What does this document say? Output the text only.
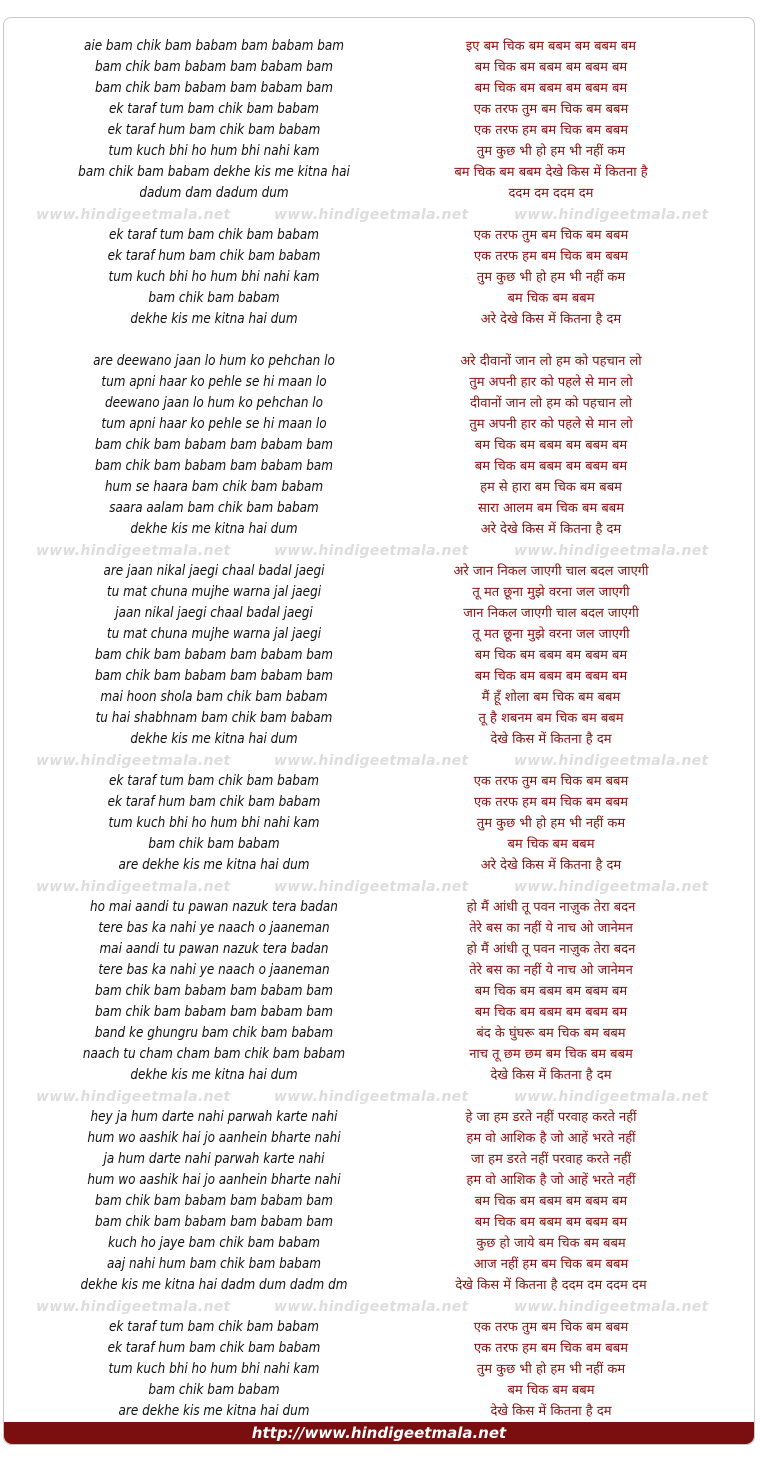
aie bam chik bam babam bam babam bam	इए बम चिक बम बबम बम बबम बम
bam chik bam babam bam babam bam	बम चिक बम बबम बम बबम बम
bam chik bam babam bam babam bam	बम चिक बम बबम बम बबम बम
ek taraf tum bam chik bam babam	एक तरफ तुम बम चिक बम बबम
ek taraf hum bam chik bam babam	एक तरफ हम बम चिक बम बबम
tum kuch bhi ho hum bhi nahi kam	तुम कुछ भी हो हम भी नहीं कम
bam chik bam babam dekhe kis me kitna hai	बम चिक बम बबम देखे किस में कितना है
dadum dam dadum dum	ददम दम ददम दम
www.hindigeetmala.net	www.hindigeetmala.net	www.hindigeetmala.net
ek taraf tum bam chik bam babam	एक तरफ तुम बम चिक बम बबम
ek taraf hum bam chik bam babam	एक तरफ हम बम चिक बम बबम
tum kuch bhi ho hum bhi nahi kam	तुम कुछ भी हो हम भी नहीं कम
bam chik bam babam	बम चिक बम बबम
dekhe kis me kitna hai dum	अरे देखे किस में कितना है दम
are deewano jaan lo hum ko pehchan lo	अरे दीवानों जान लो हम को पहचान लो
tum apni haar ko pehle se hi maan lo	तुम अपनी हार को पहले से मान लो
deewano jaan lo hum ko pehchan lo	दीवानों जान लो हम को पहचान लो
tum apni haar ko pehle se hi maan lo	तुम अपनी हार को पहले से मान लो
bam chik bam babam bam babam bam	बम चिक बम बबम बम बबम बम
bam chik bam babam bam babam bam	बम चिक बम बबम बम बबम बम
hum se haara bam chik bam babam	हम से हारा बम चिक बम बबम
saara aalam bam chik bam babam	सारा आलम बम चिक बम बबम
dekhe kis me kitna hai dum	अरे देखे किस में कितना है दम
www.hindigeetmala.net	www.hindigeetmala.net	www.hindigeetmala.net
are jaan nikal jaegi chaal badal jaegi	अरे जान निकल जाएगी चाल बदल जाएगी
tu mat chuna mujhe warna jal jaegi	तू मत छूना मुझे वरना जल जाएगी
jaan nikal jaegi chaal badal jaegi	जान निकल जाएगी चाल बदल जाएगी
tu mat chuna mujhe warna jal jaegi	तू मत छूना मुझे वरना जल जाएगी
bam chik bam babam bam babam bam	बम चिक बम बबम बम बबम बम
bam chik bam babam bam babam bam	बम चिक बम बबम बम बबम बम
mai hoon shola bam chik bam babam	मैं हूँ शोला बम चिक बम बबम
tu hai shabhnam bam chik bam babam	तू है शबनम बम चिक बम बबम
dekhe kis me kitna hai dum	देखे किस में कितना है दम
www.hindigeetmala.net	www.hindigeetmala.net	www.hindigeetmala.net
ek taraf tum bam chik bam babam	एक तरफ तुम बम चिक बम बबम
ek taraf hum bam chik bam babam	एक तरफ हम बम चिक बम बबम
tum kuch bhi ho hum bhi nahi kam	तुम कुछ भी हो हम भी नहीं कम
bam chik bam babam	बम चिक बम बबम
are dekhe kis me kitna hai dum	अरे देखे किस में कितना है दम
www.hindigeetmala.net	www.hindigeetmala.net	www.hindigeetmala.net
ho mai aandi tu pawan nazuk tera badan	हो मैं आंधी तू पवन नाज़ुक तेरा बदन
tere bas ka nahi ye naach o jaaneman	तेरे बस का नहीं ये नाच ओ जानेमन
mai aandi tu pawan nazuk tera badan	हो मैं आंधी तू पवन नाज़ुक तेरा बदन
tere bas ka nahi ye naach o jaaneman	तेरे बस का नहीं ये नाच ओ जानेमन
bam chik bam babam bam babam bam	बम चिक बम बबम बम बबम बम
bam chik bam babam bam babam bam	बम चिक बम बबम बम बबम बम
band ke ghungru bam chik bam babam	बंद के घुंघरू बम चिक बम बबम
naach tu cham cham bam chik bam babam	नाच तू छम छम बम चिक बम बबम
dekhe kis me kitna hai dum	देखे किस में कितना है दम
www.hindigeetmala.net	www.hindigeetmala.net	www.hindigeetmala.net
hey ja hum darte nahi parwah karte nahi	हे जा हम डरते नहीं परवाह करते नहीं
hum wo aashik hai jo aanhein bharte nahi	हम वो आशिक है जो आहें भरते नहीं
ja hum darte nahi parwah karte nahi	जा हम डरते नहीं परवाह करते नहीं
hum wo aashik hai jo aanhein bharte nahi	हम वो आशिक है जो आहें भरते नहीं
bam chik bam babam bam babam bam	बम चिक बम बबम बम बबम बम
bam chik bam babam bam babam bam	बम चिक बम बबम बम बबम बम
kuch ho jaye bam chik bam babam	कुछ हो जाये बम चिक बम बबम
aaj nahi hum bam chik bam babam	आज नहीं हम बम चिक बम बबम
dekhe kis me kitna hai dadm dum dadm dm	देखे किस में कितना है ददम दम ददम दम
www.hindigeetmala.net	www.hindigeetmala.net	www.hindigeetmala.net
ek taraf tum bam chik bam babam	एक तरफ तुम बम चिक बम बबम
ek taraf hum bam chik bam babam	एक तरफ हम बम चिक बम बबम
tum kuch bhi ho hum bhi nahi kam	तुम कुछ भी हो हम भी नहीं कम
bam chik bam babam	बम चिक बम बबम
are dekhe kis me kitna hai dum	देखे किस में कितना है दम
http://www.hindigeetmala.net
